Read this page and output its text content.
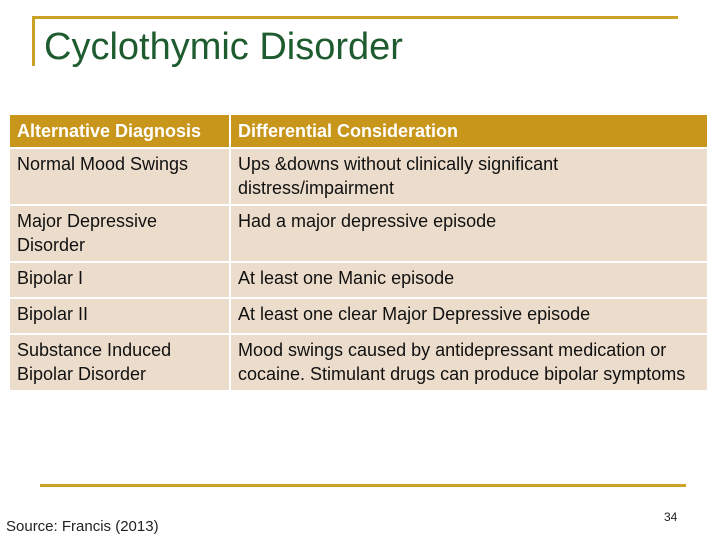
Cyclothymic Disorder
Alternative Diagnosis	Differential Consideration
Normal Mood Swings	Ups &downs without clinically significant distress/impairment
Major Depressive Disorder	Had a major depressive episode
Bipolar I	At least one Manic episode
Bipolar II	At least one clear Major Depressive episode
Substance Induced Bipolar Disorder	Mood swings caused by antidepressant medication or cocaine. Stimulant drugs can produce bipolar symptoms
Source: Francis (2013)
34
